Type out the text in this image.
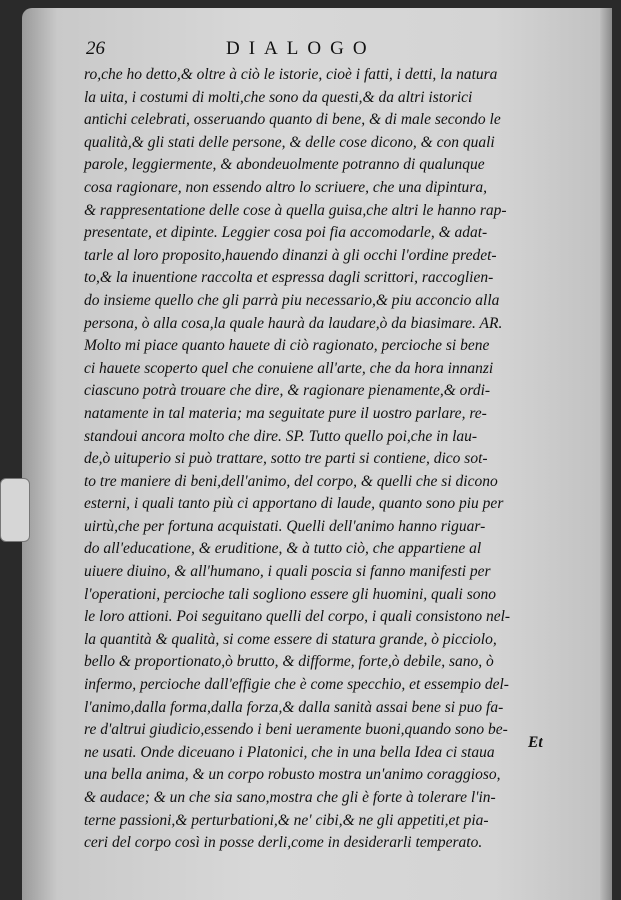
26	DIALOGO
ro,che ho detto,& oltre à ciò le istorie, cioè i fatti, i detti, la natura
la uita, i costumi di molti,che sono da questi,& da altri istorici
antichi celebrati, osseruando quanto di bene, & di male secondo le
qualità,& gli stati delle persone, & delle cose dicono, & con quali
parole, leggiermente, & abondeuolmente potranno di qualunque
cosa ragionare, non essendo altro lo scriuere, che una dipintura,
& rappresentatione delle cose à quella guisa,che altri le hanno rap-
presentate, et dipinte. Leggier cosa poi fia accomodarle, & adat-
tarle al loro proposito,hauendo dinanzi à gli occhi l'ordine predet-
to,& la inuentione raccolta et espressa dagli scrittori, raccoglien-
do insieme quello che gli parrà piu necessario,& piu acconcio alla
persona, ò alla cosa,la quale haurà da laudare,ò da biasimare. AR.
Molto mi piace quanto hauete di ciò ragionato, percioche si bene
ci hauete scoperto quel che conuiene all'arte, che da hora innanzi
ciascuno potrà trouare che dire, & ragionare pienamente,& ordi-
natamente in tal materia; ma seguitate pure il uostro parlare, re-
standoui ancora molto che dire. SP. Tutto quello poi,che in lau-
de,ò uituperio si può trattare, sotto tre parti si contiene, dico sot-
to tre maniere di beni,dell'animo, del corpo, & quelli che si dicono
esterni, i quali tanto più ci apportano di laude, quanto sono piu per
uirtù,che per fortuna acquistati. Quelli dell'animo hanno riguar-
do all'educatione, & eruditione, & à tutto ciò, che appartiene al
uiuere diuino, & all'humano, i quali poscia si fanno manifesti per
l'operationi, percioche tali sogliono essere gli huomini, quali sono
le loro attioni. Poi seguitano quelli del corpo, i quali consistono nel-
la quantità & qualità, si come essere di statura grande, ò picciolo,
bello & proportionato,ò brutto, & difforme, forte,ò debile, sano, ò
infermo, percioche dall'effigie che è come specchio, et essempio del-
l'animo,dalla forma,dalla forza,& dalla sanità assai bene si puo fa-
re d'altrui giudicio,essendo i beni ueramente buoni,quando sono be-
ne usati. Onde diceuano i Platonici, che in una bella Idea ci staua
una bella anima, & un corpo robusto mostra un'animo coraggioso,
& audace; & un che sia sano,mostra che gli è forte à tolerare l'in-
terne passioni,& perturbationi,& ne' cibi,& ne gli appetiti,et pia-
ceri del corpo così in posse derli,come in desiderarli temperato.
Et
